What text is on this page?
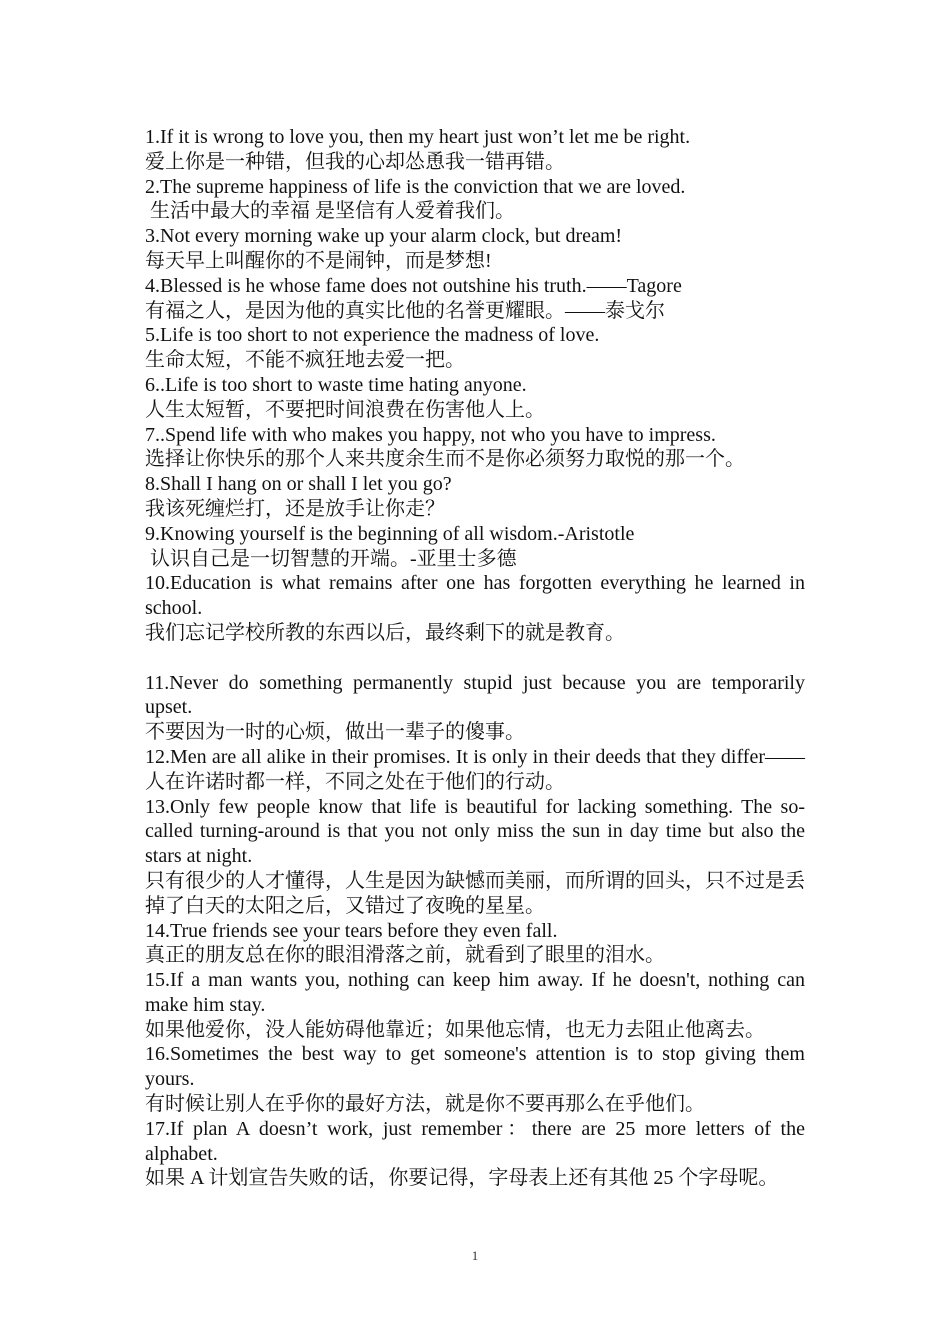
1.If it is wrong to love you, then my heart just won’t let me be right.

爱上你是一种错，但我的心却怂恿我一错再错。

2.The supreme happiness of life is the conviction that we are loved.

生活中最大的幸福 是坚信有人爱着我们。

3.Not every morning wake up your alarm clock, but dream!

每天早上叫醒你的不是闹钟，而是梦想!

4.Blessed is he whose fame does not outshine his truth.——Tagore

有福之人，是因为他的真实比他的名誉更耀眼。——泰戈尔

5.Life is too short to not experience the madness of love.

生命太短，不能不疯狂地去爱一把。

6..Life is too short to waste time hating anyone.

人生太短暂，不要把时间浪费在伤害他人上。

7..Spend life with who makes you happy, not who you have to impress.

选择让你快乐的那个人来共度余生而不是你必须努力取悦的那一个。

8.Shall I hang on or shall I let you go?

我该死缠烂打，还是放手让你走？

9.Knowing yourself is the beginning of all wisdom.-Aristotle

认识自己是一切智慧的开端。-亚里士多德

10.Education is what remains after one has forgotten everything he learned in school.

我们忘记学校所教的东西以后，最终剩下的就是教育。

11.Never do something permanently stupid just because you are temporarily upset.

不要因为一时的心烦，做出一辈子的傻事。

12.Men are all alike in their promises. It is only in their deeds that they differ——人在许诺时都一样，不同之处在于他们的行动。

13.Only few people know that life is beautiful for lacking something. The so-called turning-around is that you not only miss the sun in day time but also the stars at night.

只有很少的人才懂得，人生是因为缺憾而美丽，而所谓的回头，只不过是丢掉了白天的太阳之后，又错过了夜晚的星星。

14.True friends see your tears before they even fall.

真正的朋友总在你的眼泪滑落之前，就看到了眼里的泪水。

15.If a man wants you, nothing can keep him away. If he doesn't, nothing can make him stay.

如果他爱你，没人能妨碍他靠近；如果他忘情，也无力去阻止他离去。

16.Sometimes the best way to get someone's attention is to stop giving them yours.

有时候让别人在乎你的最好方法，就是你不要再那么在乎他们。

17.If plan A doesn’t work, just remember：there are 25 more letters of the alphabet.

如果 A 计划宣告失败的话，你要记得，字母表上还有其他 25 个字母呢。

1
